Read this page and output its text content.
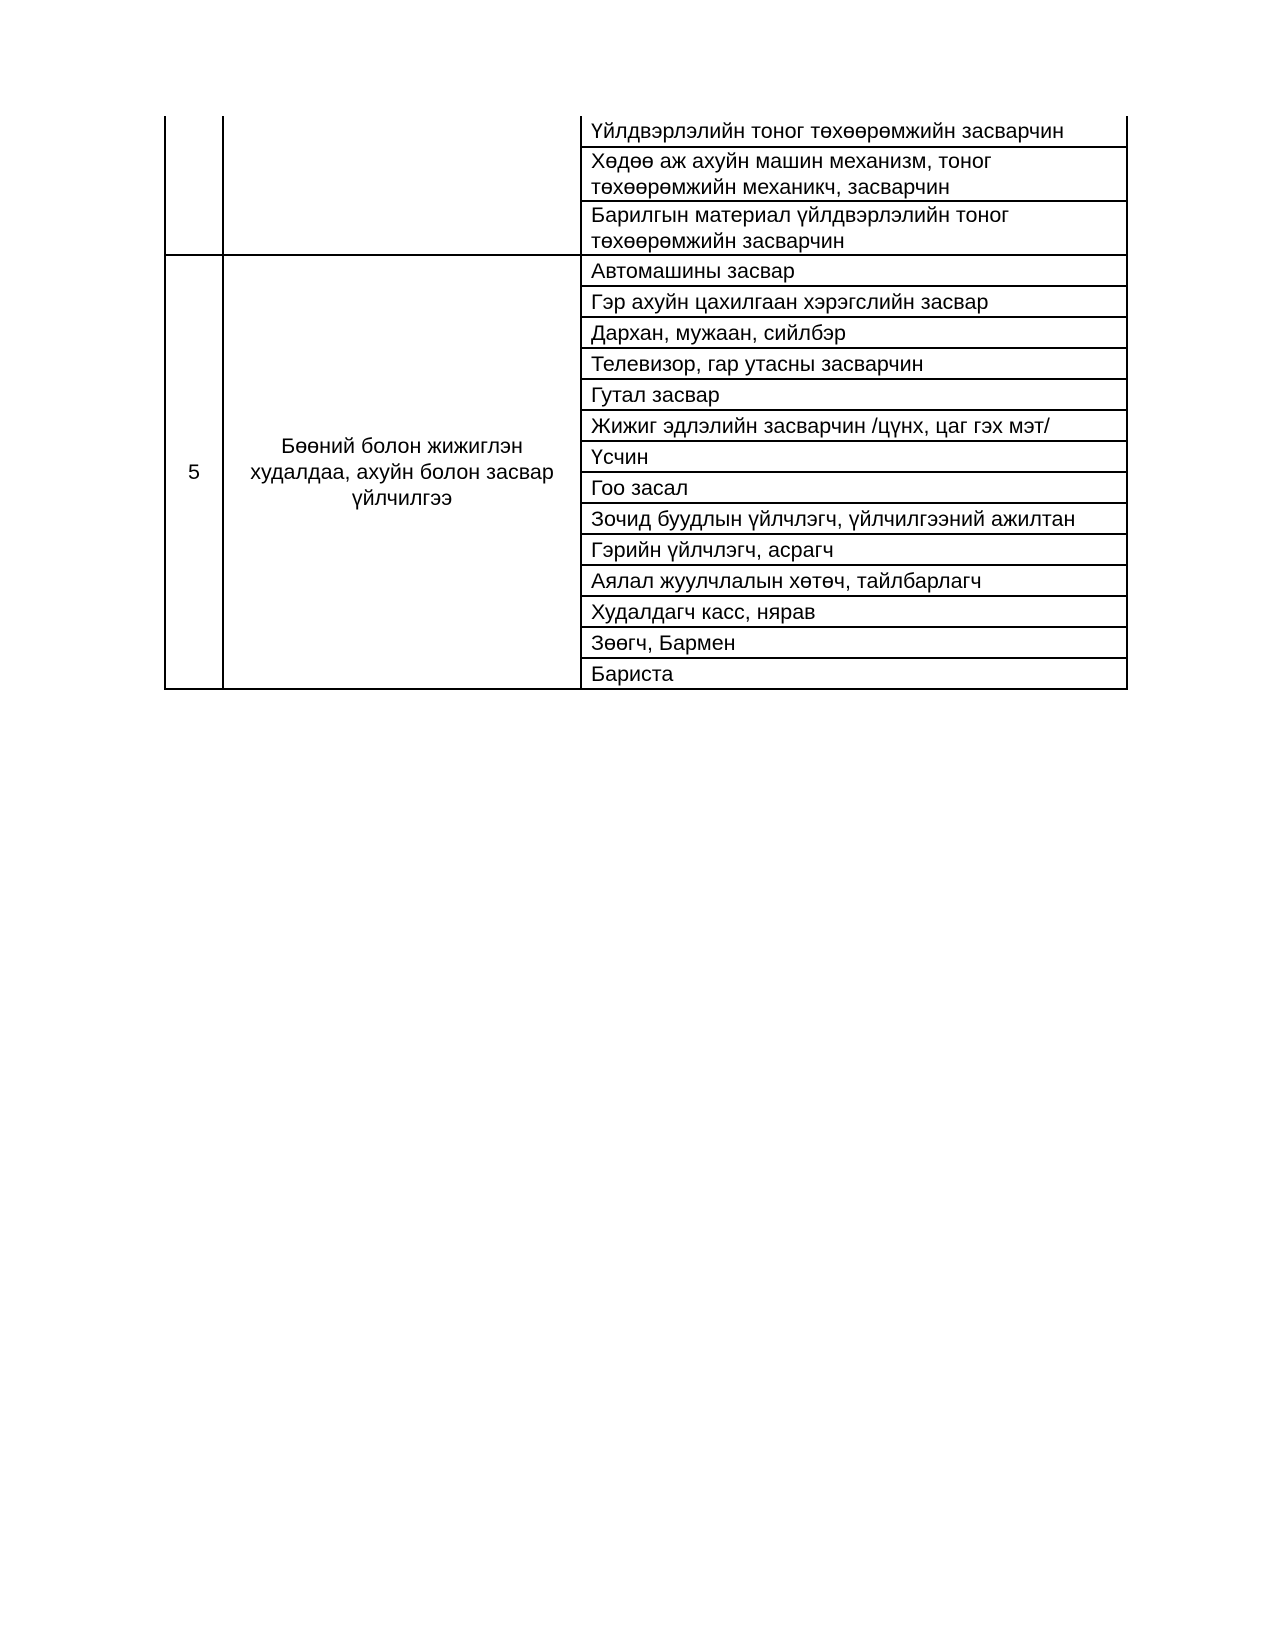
		Үйлдвэрлэлийн тоног төхөөрөмжийн засварчин
		Хөдөө аж ахуйн машин механизм, тоног төхөөрөмжийн механикч, засварчин
		Барилгын материал үйлдвэрлэлийн тоног төхөөрөмжийн засварчин
5	Бөөний болон жижиглэн худалдаа, ахуйн болон засвар үйлчилгээ	Автомашины засвар
		Гэр ахуйн цахилгаан хэрэгслийн засвар
		Дархан, мужаан, сийлбэр
		Телевизор, гар утасны засварчин
		Гутал засвар
		Жижиг эдлэлийн засварчин /цүнх, цаг гэх мэт/
		Үсчин
		Гоо засал
		Зочид буудлын үйлчлэгч, үйлчилгээний ажилтан
		Гэрийн үйлчлэгч, асрагч
		Аялал жуулчлалын хөтөч, тайлбарлагч
		Худалдагч касс, нярав
		Зөөгч, Бармен
		Бариста
